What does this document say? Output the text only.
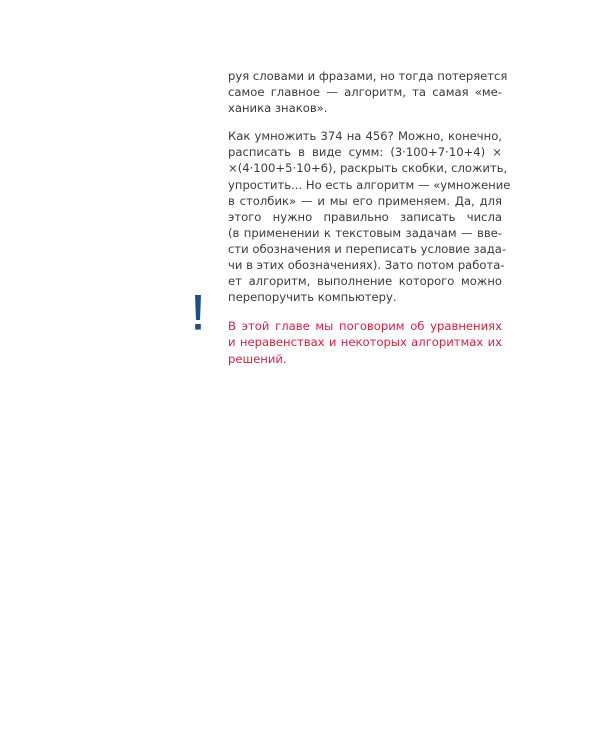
руя словами и фразами, но тогда потеряется
самое главное — алгоритм, та самая «ме-
ханика знаков».

Как умножить 374 на 456? Можно, конечно,
расписать в виде сумм: (3·100+7·10+4) ×
×(4·100+5·10+6), раскрыть скобки, сложить,
упростить... Но есть алгоритм — «умножение
в столбик» — и мы его применяем. Да, для
этого нужно правильно записать числа
(в применении к текстовым задачам — вве-
сти обозначения и переписать условие зада-
чи в этих обозначениях). Зато потом работа-
ет алгоритм, выполнение которого можно
перепоручить компьютеру.

В этой главе мы поговорим об уравнениях
и неравенствах и некоторых алгоритмах их
решений.
